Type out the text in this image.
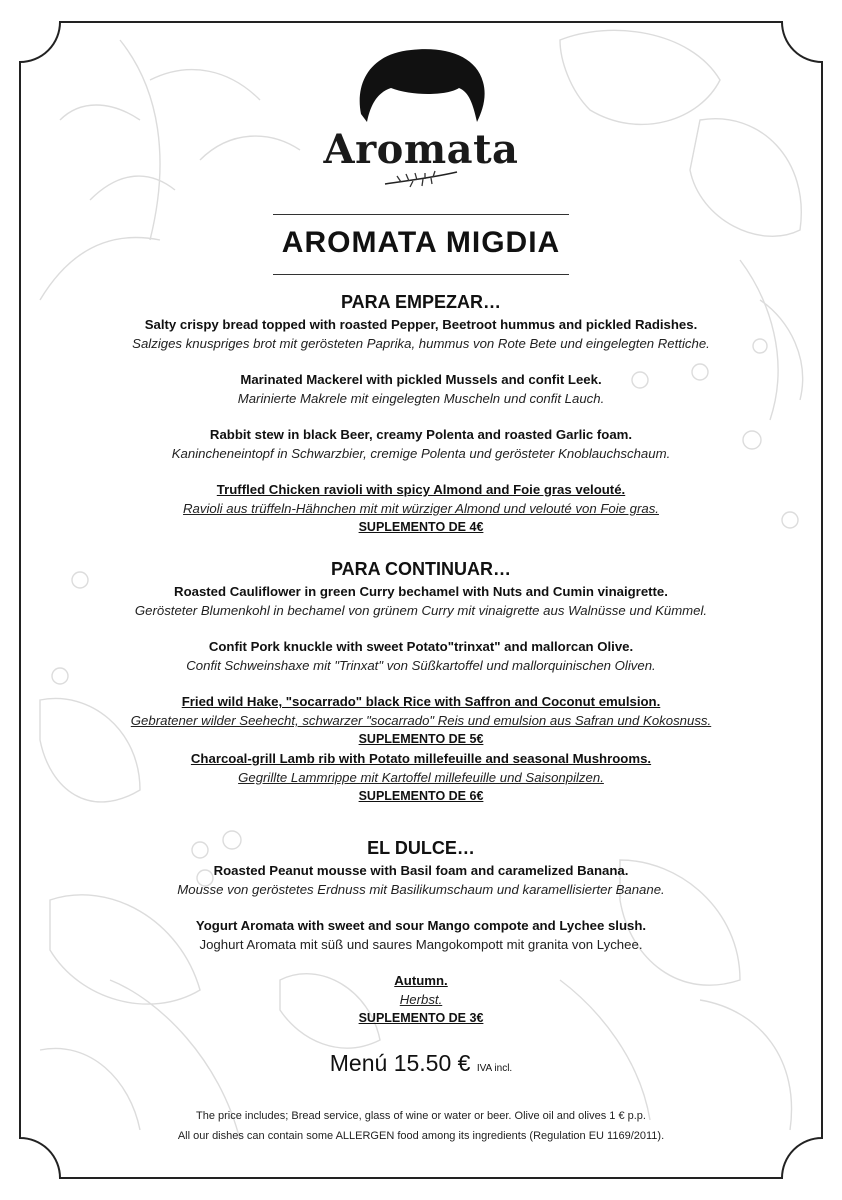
Aromata
AROMATA MIGDIA
PARA EMPEZAR…
Salty crispy bread topped with roasted Pepper, Beetroot hummus and pickled Radishes.
Salziges knuspriges brot mit gerösteten Paprika, hummus von Rote Bete und eingelegten Rettiche.
Marinated Mackerel with pickled Mussels and confit Leek.
Marinierte Makrele mit eingelegten Muscheln und confit Lauch.
Rabbit stew in black Beer, creamy Polenta and roasted Garlic foam.
Kanincheneintopf in Schwarzbier, cremige Polenta und gerösteter Knoblauchschaum.
Truffled Chicken ravioli with spicy Almond and Foie gras velouté.
Ravioli aus trüffeln-Hähnchen mit mit würziger Almond und velouté von Foie gras.
SUPLEMENTO DE 4€
PARA CONTINUAR…
Roasted Cauliflower in green Curry bechamel with Nuts and Cumin vinaigrette.
Gerösteter Blumenkohl in bechamel von grünem Curry mit vinaigrette aus Walnüsse und Kümmel.
Confit Pork knuckle with sweet Potato"trinxat" and mallorcan Olive.
Confit Schweinshaxe mit "Trinxat" von Süßkartoffel und mallorquinischen Oliven.
Fried wild Hake, "socarrado" black Rice with Saffron and Coconut emulsion.
Gebratener wilder Seehecht, schwarzer "socarrado" Reis und emulsion aus Safran und Kokosnuss.
SUPLEMENTO DE 5€
Charcoal-grill Lamb rib with Potato millefeuille and seasonal Mushrooms.
Gegrillte Lammrippe mit Kartoffel millefeuille und Saisonpilzen.
SUPLEMENTO DE 6€
EL DULCE…
Roasted Peanut mousse with Basil foam and caramelized Banana.
Mousse von geröstetes Erdnuss mit Basilikumschaum und karamellisierter Banane.
Yogurt Aromata with sweet and sour Mango compote and Lychee slush.
Joghurt Aromata mit süß und saures Mangokompott mit granita von Lychee.
Autumn.
Herbst.
SUPLEMENTO DE 3€
Menú 15.50 € IVA incl.
The price includes; Bread service, glass of wine or water or beer. Olive oil and olives 1 € p.p.
All our dishes can contain some ALLERGEN food among its ingredients (Regulation EU 1169/2011).
